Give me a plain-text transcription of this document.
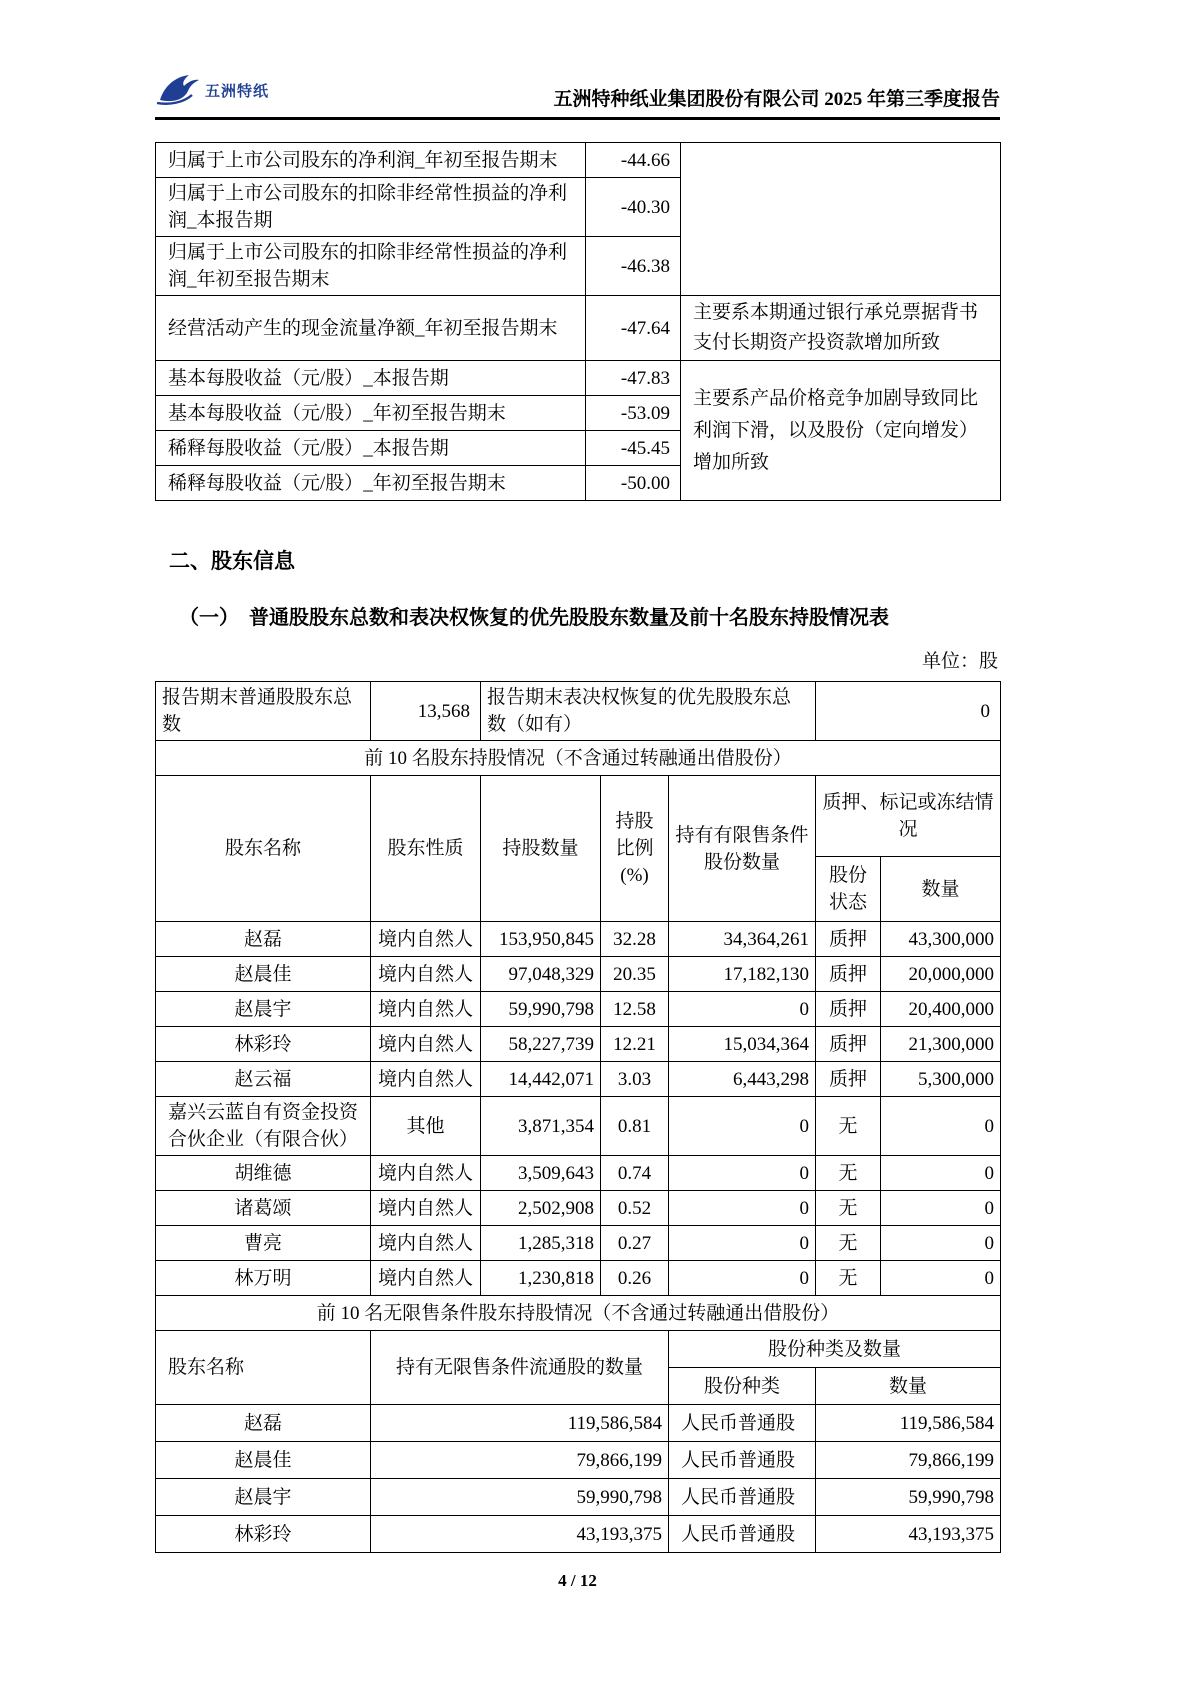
五洲特纸	五洲特种纸业集团股份有限公司 2025 年第三季度报告
归属于上市公司股东的净利润_年初至报告期末	-44.66	
归属于上市公司股东的扣除非经常性损益的净利润_本报告期	-40.30	
归属于上市公司股东的扣除非经常性损益的净利润_年初至报告期末	-46.38	
经营活动产生的现金流量净额_年初至报告期末	-47.64	主要系本期通过银行承兑票据背书支付长期资产投资款增加所致
基本每股收益（元/股）_本报告期	-47.83	主要系产品价格竞争加剧导致同比利润下滑，以及股份（定向增发）增加所致
基本每股收益（元/股）_年初至报告期末	-53.09	
稀释每股收益（元/股）_本报告期	-45.45	
稀释每股收益（元/股）_年初至报告期末	-50.00	
二、股东信息
（一）　普通股股东总数和表决权恢复的优先股股东数量及前十名股东持股情况表
单位：股
报告期末普通股股东总数	13,568	报告期末表决权恢复的优先股股东总数（如有）			0	
前 10 名股东持股情况（不含通过转融通出借股份）						
股东名称	股东性质	持股数量	持股比例(%)	持有有限售条件股份数量	质押、标记或冻结情况	
					股份状态	数量
赵磊	境内自然人	153,950,845	32.28	34,364,261	质押	43,300,000
赵晨佳	境内自然人	97,048,329	20.35	17,182,130	质押	20,000,000
赵晨宇	境内自然人	59,990,798	12.58	0	质押	20,400,000
林彩玲	境内自然人	58,227,739	12.21	15,034,364	质押	21,300,000
赵云福	境内自然人	14,442,071	3.03	6,443,298	质押	5,300,000
嘉兴云蓝自有资金投资合伙企业（有限合伙）	其他	3,871,354	0.81	0	无	0
胡维德	境内自然人	3,509,643	0.74	0	无	0
诸葛颂	境内自然人	2,502,908	0.52	0	无	0
曹亮	境内自然人	1,285,318	0.27	0	无	0
林万明	境内自然人	1,230,818	0.26	0	无	0
前 10 名无限售条件股东持股情况（不含通过转融通出借股份）						
股东名称	持有无限售条件流通股的数量			股份种类及数量		
				股份种类	数量	
赵磊	119,586,584			人民币普通股	119,586,584	
赵晨佳	79,866,199			人民币普通股	79,866,199	
赵晨宇	59,990,798			人民币普通股	59,990,798	
林彩玲	43,193,375			人民币普通股	43,193,375	
4 / 12
